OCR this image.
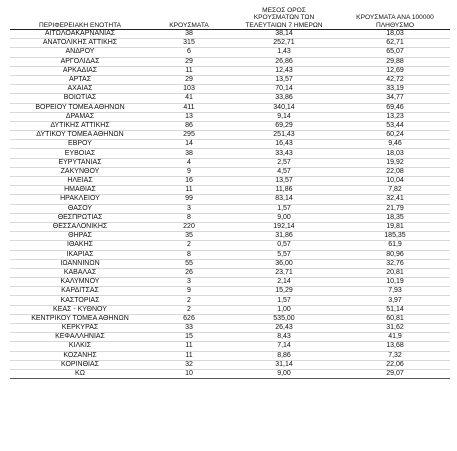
ΠΕΡΙΦΕΡΕΙΑΚΗ ΕΝΟΤΗΤΑ	ΚΡΟΥΣΜΑΤΑ	ΜΕΣΟΣ ΟΡΟΣ
ΚΡΟΥΣΜΑΤΩΝ ΤΩΝ
ΤΕΛΕΥΤΑΙΩΝ 7 ΗΜΕΡΩΝ	ΚΡΟΥΣΜΑΤΑ ΑΝΑ 100000
ΠΛΗΘΥΣΜΟ
ΑΙΤΩΛΟΑΚΑΡΝΑΝΙΑΣ	38	38,14	18,03
ΑΝΑΤΟΛΙΚΗΣ ΑΤΤΙΚΗΣ	315	252,71	62,71
ΑΝΔΡΟΥ	6	1,43	65,07
ΑΡΓΟΛΙΔΑΣ	29	26,86	29,88
ΑΡΚΑΔΙΑΣ	11	12,43	12,69
ΑΡΤΑΣ	29	13,57	42,72
ΑΧΑΪΑΣ	103	70,14	33,19
ΒΟΙΩΤΙΑΣ	41	33,86	34,77
ΒΟΡΕΙΟΥ ΤΟΜΕΑ ΑΘΗΝΩΝ	411	340,14	69,46
ΔΡΑΜΑΣ	13	9,14	13,23
ΔΥΤΙΚΗΣ ΑΤΤΙΚΗΣ	86	69,29	53,44
ΔΥΤΙΚΟΥ ΤΟΜΕΑ ΑΘΗΝΩΝ	295	251,43	60,24
ΕΒΡΟΥ	14	16,43	9,46
ΕΥΒΟΙΑΣ	38	33,43	18,03
ΕΥΡΥΤΑΝΙΑΣ	4	2,57	19,92
ΖΑΚΥΝΘΟΥ	9	4,57	22,08
ΗΛΕΙΑΣ	16	13,57	10,04
ΗΜΑΘΙΑΣ	11	11,86	7,82
ΗΡΑΚΛΕΙΟΥ	99	83,14	32,41
ΘΑΣΟΥ	3	1,57	21,79
ΘΕΣΠΡΩΤΙΑΣ	8	9,00	18,35
ΘΕΣΣΑΛΟΝΙΚΗΣ	220	192,14	19,81
ΘΗΡΑΣ	35	31,86	185,35
ΙΘΑΚΗΣ	2	0,57	61,9
ΙΚΑΡΙΑΣ	8	5,57	80,96
ΙΩΑΝΝΙΝΩΝ	55	36,00	32,76
ΚΑΒΑΛΑΣ	26	23,71	20,81
ΚΑΛΥΜΝΟΥ	3	2,14	10,19
ΚΑΡΔΙΤΣΑΣ	9	15,29	7,93
ΚΑΣΤΟΡΙΑΣ	2	1,57	3,97
ΚΕΑΣ - ΚΥΘΝΟΥ	2	1,00	51,14
ΚΕΝΤΡΙΚΟΥ ΤΟΜΕΑ ΑΘΗΝΩΝ	626	535,00	60,81
ΚΕΡΚΥΡΑΣ	33	26,43	31,62
ΚΕΦΑΛΛΗΝΙΑΣ	15	8,43	41,9
ΚΙΛΚΙΣ	11	7,14	13,68
ΚΟΖΑΝΗΣ	11	8,86	7,32
ΚΟΡΙΝΘΙΑΣ	32	31,14	22,06
ΚΩ	10	9,00	29,07
